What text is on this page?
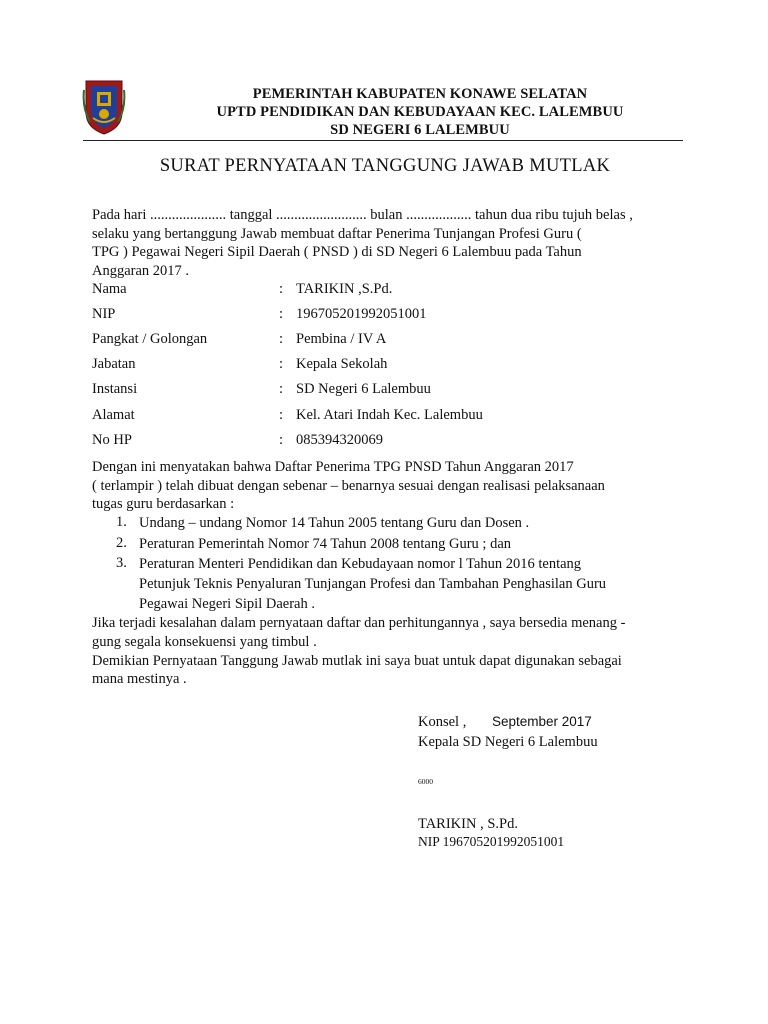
PEMERINTAH KABUPATEN KONAWE SELATAN
UPTD PENDIDIKAN DAN KEBUDAYAAN KEC. LALEMBUU
SD NEGERI 6 LALEMBUU
SURAT PERNYATAAN TANGGUNG JAWAB MUTLAK
Pada hari ..................... tanggal ......................... bulan .................. tahun dua ribu tujuh belas ,
selaku yang bertanggung Jawab membuat daftar Penerima Tunjangan Profesi Guru (
TPG ) Pegawai Negeri Sipil Daerah ( PNSD ) di SD Negeri 6 Lalembuu pada Tahun
Anggaran 2017 .
Nama	: TARIKIN ,S.Pd.
NIP	: 196705201992051001
Pangkat / Golongan	: Pembina / IV A
Jabatan	: Kepala Sekolah
Instansi	: SD Negeri 6 Lalembuu
Alamat	: Kel. Atari Indah Kec. Lalembuu
No HP	: 085394320069
Dengan ini menyatakan bahwa Daftar Penerima TPG PNSD Tahun Anggaran 2017
( terlampir ) telah dibuat dengan sebenar – benarnya sesuai dengan realisasi pelaksanaan
tugas guru berdasarkan :
1. Undang – undang Nomor 14 Tahun 2005 tentang Guru dan Dosen .
2. Peraturan Pemerintah Nomor 74 Tahun 2008 tentang Guru ; dan
3. Peraturan Menteri Pendidikan dan Kebudayaan nomor l Tahun 2016 tentang
Petunjuk Teknis Penyaluran Tunjangan Profesi dan Tambahan Penghasilan Guru
Pegawai Negeri Sipil Daerah .
Jika terjadi kesalahan dalam pernyataan daftar dan perhitungannya , saya bersedia menang -
gung segala konsekuensi yang timbul .
Demikian Pernyataan Tanggung Jawab mutlak ini saya buat untuk dapat digunakan sebagai
mana mestinya .
Konsel , September 2017
Kepala SD Negeri 6 Lalembuu
6000
TARIKIN , S.Pd.
NIP 196705201992051001
